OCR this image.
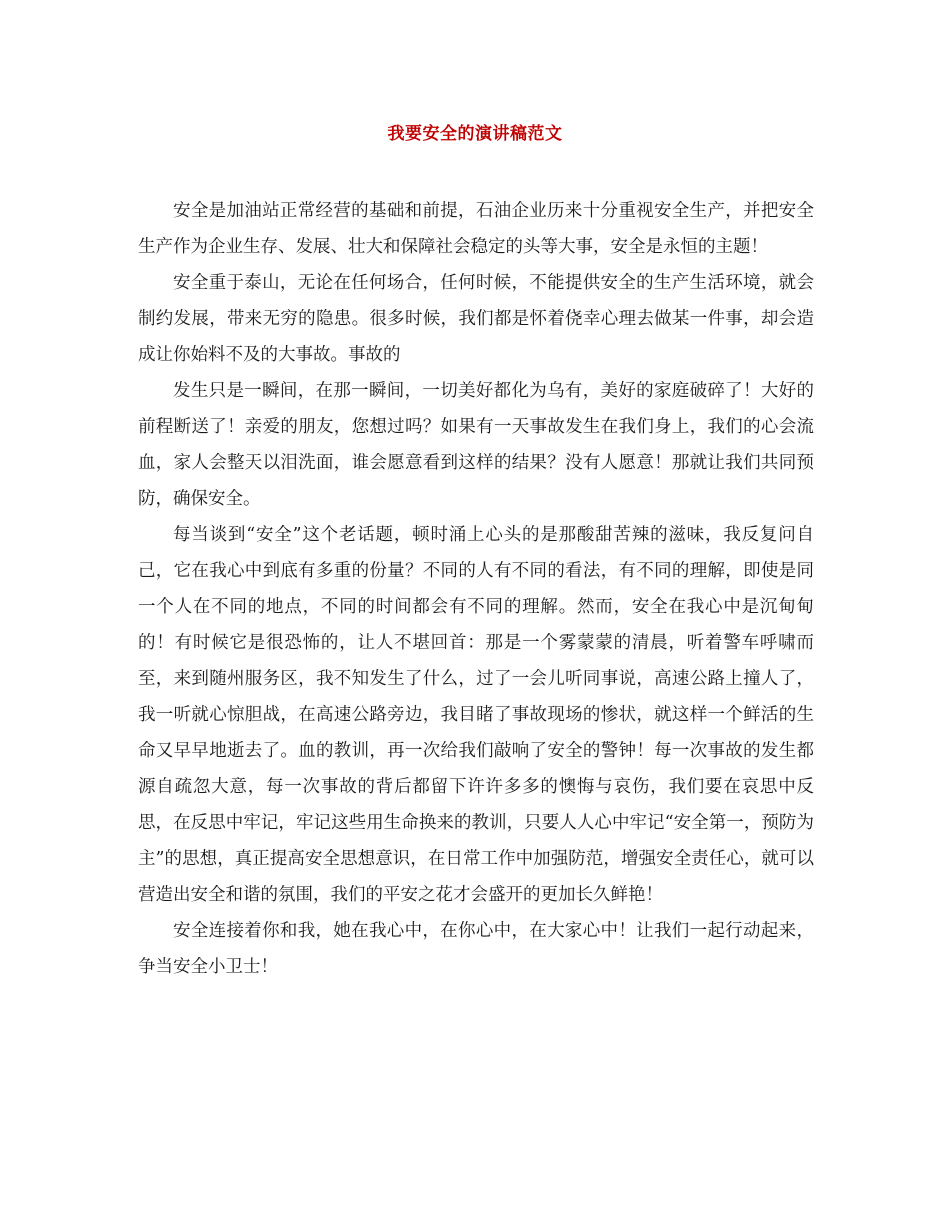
我要安全的演讲稿范文

安全是加油站正常经营的基础和前提，石油企业历来十分重视安全生产，并把安全生产作为企业生存、发展、壮大和保障社会稳定的头等大事，安全是永恒的主题！

安全重于泰山，无论在任何场合，任何时候，不能提供安全的生产生活环境，就会制约发展，带来无穷的隐患。很多时候，我们都是怀着侥幸心理去做某一件事，却会造成让你始料不及的大事故。事故的

发生只是一瞬间，在那一瞬间，一切美好都化为乌有，美好的家庭破碎了！大好的前程断送了！亲爱的朋友，您想过吗？如果有一天事故发生在我们身上，我们的心会流血，家人会整天以泪洗面，谁会愿意看到这样的结果？没有人愿意！那就让我们共同预防，确保安全。

每当谈到“安全”这个老话题，顿时涌上心头的是那酸甜苦辣的滋味，我反复问自己，它在我心中到底有多重的份量？不同的人有不同的看法，有不同的理解，即使是同一个人在不同的地点，不同的时间都会有不同的理解。然而，安全在我心中是沉甸甸的！有时候它是很恐怖的，让人不堪回首：那是一个雾蒙蒙的清晨，听着警车呼啸而至，来到随州服务区，我不知发生了什么，过了一会儿听同事说，高速公路上撞人了，我一听就心惊胆战，在高速公路旁边，我目睹了事故现场的惨状，就这样一个鲜活的生命又早早地逝去了。血的教训，再一次给我们敲响了安全的警钟！每一次事故的发生都源自疏忽大意，每一次事故的背后都留下许许多多的懊悔与哀伤，我们要在哀思中反思，在反思中牢记，牢记这些用生命换来的教训，只要人人心中牢记“安全第一，预防为主”的思想，真正提高安全思想意识，在日常工作中加强防范，增强安全责任心，就可以营造出安全和谐的氛围，我们的平安之花才会盛开的更加长久鲜艳！

安全连接着你和我，她在我心中，在你心中，在大家心中！让我们一起行动起来，争当安全小卫士！
